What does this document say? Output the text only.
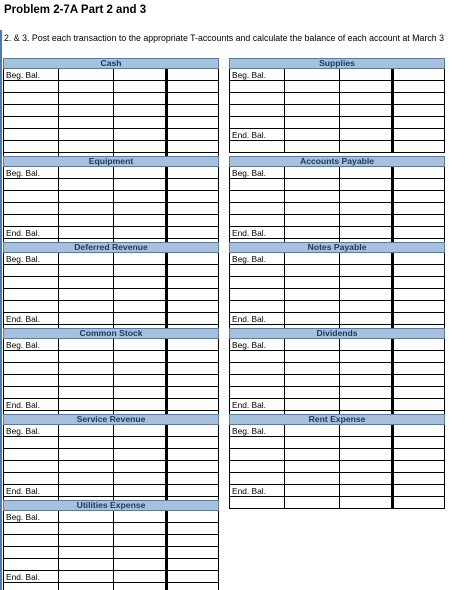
Problem 2-7A Part 2 and 3
2. & 3. Post each transaction to the appropriate T-accounts and calculate the balance of each account at March 3
Cash
Beg. Bal.
Supplies
Beg. Bal.
End. Bal.
Equipment
Beg. Bal.
End. Bal.
Accounts Payable
Beg. Bal.
End. Bal.
Deferred Revenue
Beg. Bal.
End. Bal.
Notes Payable
Beg. Bal.
End. Bal.
Common Stock
Beg. Bal.
End. Bal.
Dividends
Beg. Bal.
End. Bal.
Service Revenue
Beg. Bal.
End. Bal.
Rent Expense
Beg. Bal.
End. Bal.
Utilities Expense
Beg. Bal.
End. Bal.
